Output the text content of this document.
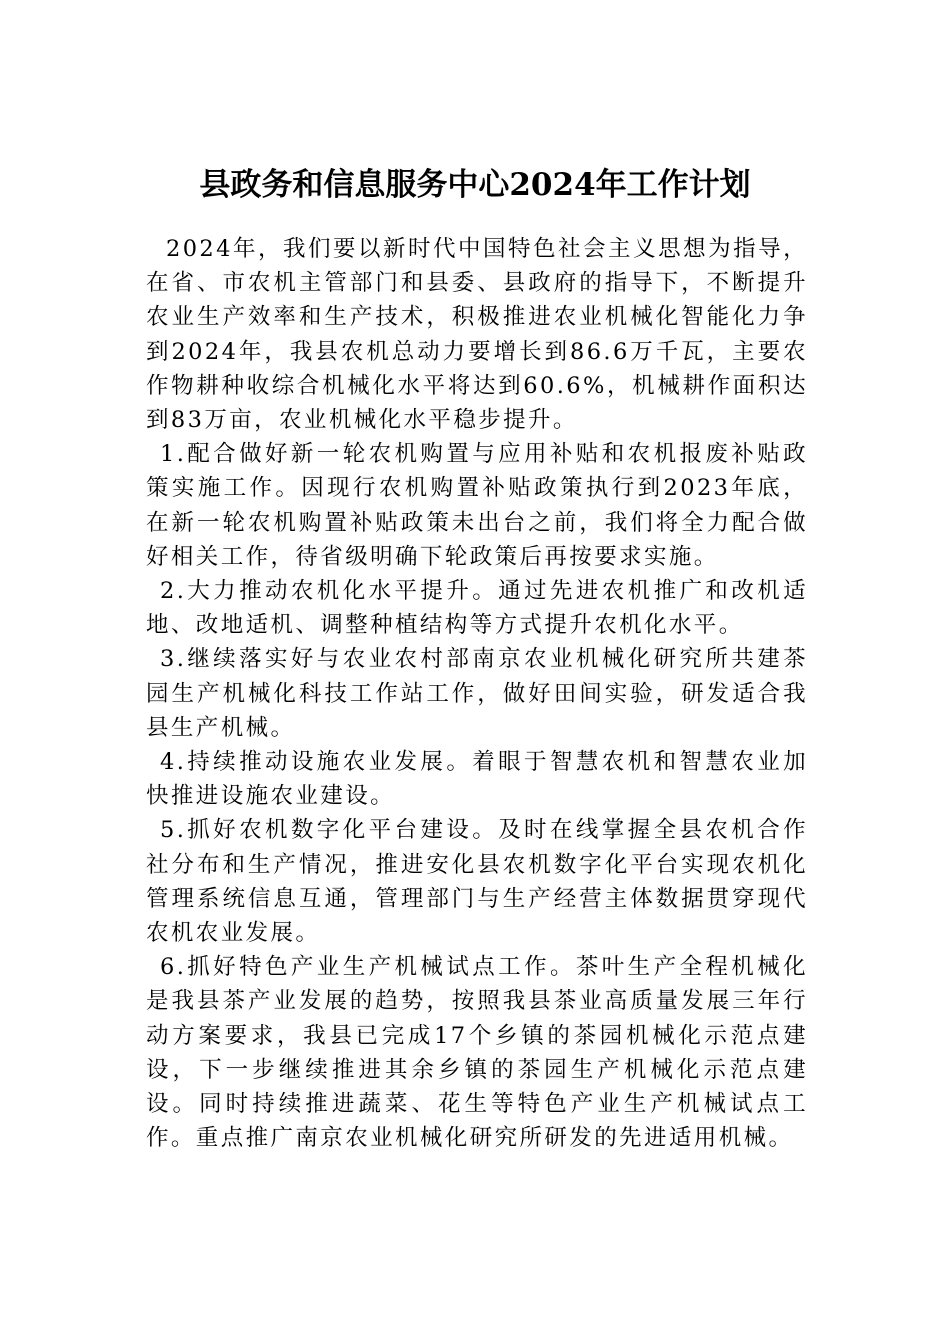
县政务和信息服务中心2024年工作计划

2024年，我们要以新时代中国特色社会主义思想为指导，在省、市农机主管部门和县委、县政府的指导下，不断提升农业生产效率和生产技术，积极推进农业机械化智能化力争到2024年，我县农机总动力要增长到86.6万千瓦，主要农作物耕种收综合机械化水平将达到60.6%，机械耕作面积达到83万亩，农业机械化水平稳步提升。

1.配合做好新一轮农机购置与应用补贴和农机报废补贴政策实施工作。因现行农机购置补贴政策执行到2023年底，在新一轮农机购置补贴政策未出台之前，我们将全力配合做好相关工作，待省级明确下轮政策后再按要求实施。

2.大力推动农机化水平提升。通过先进农机推广和改机适地、改地适机、调整种植结构等方式提升农机化水平。

3.继续落实好与农业农村部南京农业机械化研究所共建茶园生产机械化科技工作站工作，做好田间实验，研发适合我县生产机械。

4.持续推动设施农业发展。着眼于智慧农机和智慧农业加快推进设施农业建设。

5.抓好农机数字化平台建设。及时在线掌握全县农机合作社分布和生产情况，推进安化县农机数字化平台实现农机化管理系统信息互通，管理部门与生产经营主体数据贯穿现代农机农业发展。

6.抓好特色产业生产机械试点工作。茶叶生产全程机械化是我县茶产业发展的趋势，按照我县茶业高质量发展三年行动方案要求，我县已完成17个乡镇的茶园机械化示范点建设，下一步继续推进其余乡镇的茶园生产机械化示范点建设。同时持续推进蔬菜、花生等特色产业生产机械试点工作。重点推广南京农业机械化研究所研发的先进适用机械。
